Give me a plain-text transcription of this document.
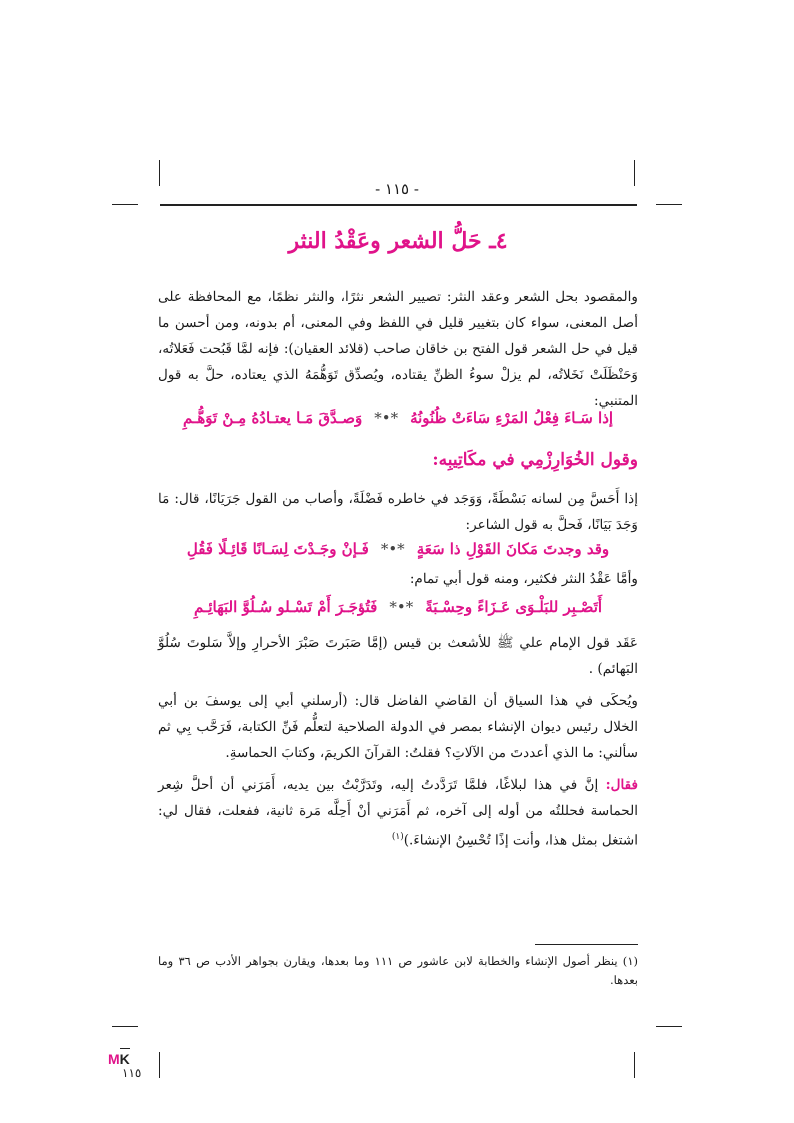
- ١١٥ -
٤ـ حَلُّ الشعر وعَقْدُ النثر
والمقصود بحل الشعر وعقد النثر: تصيير الشعر نثرًا، والنثر نظمًا، مع المحافظة على أصل المعنى، سواء كان بتغيير قليل في اللفظ وفي المعنى، أم بدونه، ومن أحسن ما قيل في حل الشعر قول الفتح بن خاقان صاحب (قلائد العقيان): فإنه لمَّا قَبُحت فَعَلاتُه، وَحَنْظَلَتْ نَخَلاتُه، لم يزلْ سوءُ الظنِّ يقتاده، ويُصدِّق تَوَهُّمَهُ الذي يعتاده، حلَّ به قول المتنبي:
إذا سَـاءَ فِعْلُ المَرْءِ سَاءَتْ ظُنُونُهُ*•*وَصـدَّقَ مَـا يعتـادُهُ مِـنْ تَوَهُّـمِ
وقول الخُوَارِزْمِي في مكَاتِيبِه:
إذا أَحَسَّ مِن لسانه بَسْطَةً، وَوَجَد في خاطره فَضْلَةً، وأصاب من القول جَرَيَانًا، قال: مَا وَجَدَ بَيَانًا، فَحلَّ به قول الشاعر:
وقد وجدتَ مَكانَ القَوْلِ ذا سَعَةٍ*•*فَـإنْ وجَـدْتَ لِسَـانًا قَائِـلًا فَقُلِ
وأمَّا عَقْدُ النثر فكثير، ومنه قول أبي تمام:
أَتَصْـبِر للبَلْـوَى عَـزَاءً وحِسْـبَةً*•*فَتُؤجَـرَ أَمْ تَسْـلو سُـلُوَّ البَهَائِـمِ
عَقَد قول الإمام علي ﷺ للأشعث بن قيس (إمَّا صَبَرتَ صَبْرَ الأحرارِ وإلاَّ سَلوتَ سُلُوَّ البَهائم) .
ويُحكَى في هذا السياق أن القاضي الفاضل قال: (أرسلني أبي إلى يوسفَ بن أبي الخلال رئيس ديوان الإنشاء بمصر في الدولة الصلاحية لتعلُّم فَنِّ الكتابة، فَرَحَّب بِي ثم سألني: ما الذي أعددتَ من الآلاتِ؟ فقلتُ: القرآنَ الكريمَ، وكتابَ الحماسةِ.
فقال: إنَّ في هذا لبلاغًا، فلمَّا تَرَدَّدتُ إليه، وتَدَرَّبْتُ بين يديه، أَمَرَني أن أحلَّ شِعر الحماسة فحللتُه من أوله إلى آخره، ثم أَمَرَني أنْ أَحِلَّه مَرة ثانية، ففعلت، فقال لي: اشتغل بمثل هذا، وأنت إذًا تُحْسِنُ الإنشاءَ.)$^{(١)}$
(١) ينظر أصول الإنشاء والخطابة لابن عاشور ص ١١١ وما بعدها، ويقارن بجواهر الأدب ص ٣٦ وما بعدها.
MK
١١٥
